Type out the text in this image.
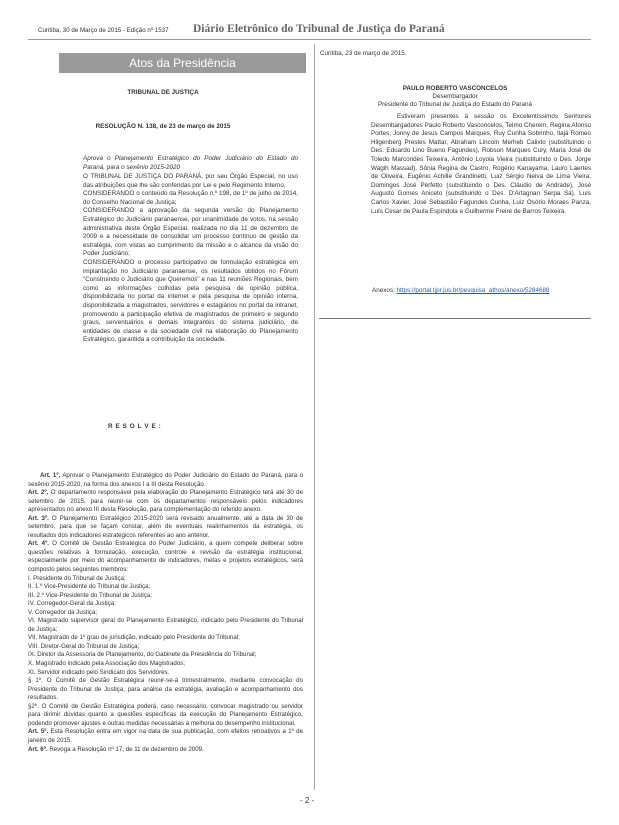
Curitiba, 30 de Março de 2015 - Edição nº 1537 Diário Eletrônico do Tribunal de Justiça do Paraná
Atos da Presidência
TRIBUNAL DE JUSTIÇA
RESOLUÇÃO N. 138, de 23 de março de 2015
Aprova o Planejamento Estratégico do Poder Judiciário do Estado do Paraná, para o sexênio 2015-2020
O TRIBUNAL DE JUSTIÇA DO PARANÁ, por seu Órgão Especial, no uso das atribuições que lhe são conferidas por Lei e pelo Regimento Interno,
CONSIDERANDO o conteúdo da Resolução n.º 198, de 1º de julho de 2014, do Conselho Nacional de Justiça;
CONSIDERANDO a aprovação da segunda versão do Planejamento Estratégico do Judiciário paranaense, por unanimidade de votos, na sessão administrativa deste Órgão Especial, realizada no dia 11 de dezembro de 2009 e a necessidade de consolidar um processo contínuo de gestão da estratégia, com vistas ao cumprimento da missão e o alcance da visão do Poder Judiciário;
CONSIDERANDO o processo participativo de formulação estratégica em implantação no Judiciário paranaense, os resultados obtidos no Fórum "Construindo o Judiciário que Queremos" e nas 11 reuniões Regionais, bem como as informações colhidas pela pesquisa de opinião pública, disponibilizada no portal da internet e pela pesquisa de opinião interna, disponibilizada a magistrados, servidores e estagiários no portal da intranet, promovendo a participação efetiva de magistrados de primeiro e segundo graus, serventuários e demais integrantes do sistema judiciário, de entidades de classe e da sociedade civil na elaboração do Planejamento Estratégico, garantida a contribuição da sociedade.
R E S O L V E :
Art. 1º. Aprovar o Planejamento Estratégico do Poder Judiciário do Estado do Paraná, para o sexênio 2015-2020, na forma dos anexos I a III desta Resolução.
Art. 2º. O departamento responsável pela elaboração do Planejamento Estratégico terá até 30 de setembro de 2015, para reunir-se com os departamentos responsáveis pelos indicadores apresentados no anexo III desta Resolução, para complementação do referido anexo.
Art. 3º. O Planejamento Estratégico 2015-2020 será revisado anualmente, até a data de 30 de setembro, para que se façam constar, além de eventuais realinhamentos da estratégia, os resultados dos indicadores estratégicos referentes ao ano anterior.
Art. 4º. O Comitê de Gestão Estratégica do Poder Judiciário, a quem compete deliberar sobre questões relativas à formulação, execução, controle e revisão da estratégia institucional, especialmente por meio do acompanhamento de indicadores, metas e projetos estratégicos, será composto pelos seguintes membros:
I. Presidente do Tribunal de Justiça;
II. 1.º Vice-Presidente do Tribunal de Justiça;
III. 2.º Vice-Presidente do Tribunal de Justiça;
IV. Corregedor-Geral da Justiça;
V. Corregedor da Justiça;
VI. Magistrado supervisor geral do Planejamento Estratégico, indicado pelo Presidente do Tribunal de Justiça;
VII. Magistrado de 1º grau de jurisdição, indicado pelo Presidente do Tribunal;
VIII. Diretor-Geral do Tribunal de Justiça;
IX. Diretor da Assessoria de Planejamento, do Gabinete da Presidência do Tribunal;
X. Magistrado indicado pela Associação dos Magistrados;
XI. Servidor indicado pelo Sindicato dos Servidores.
§ 1º. O Comitê de Gestão Estratégica reunir-se-á trimestralmente, mediante convocação do Presidente do Tribunal de Justiça, para análise da estratégia, avaliação e acompanhamento dos resultados.
§2º. O Comitê de Gestão Estratégica poderá, caso necessário, convocar magistrado ou servidor para dirimir dúvidas quanto a questões específicas da execução do Planejamento Estratégico, podendo promover ajustes e outras medidas necessárias à melhoria do desempenho institucional.
Art. 5º. Esta Resolução entra em vigor na data de sua publicação, com efeitos retroativos a 1º de janeiro de 2015.
Art. 6º. Revoga a Resolução nº 17, de 11 de dezembro de 2009.
Curitiba, 23 de março de 2015.
PAULO ROBERTO VASCONCELOS
Desembargador
Presidente do Tribunal de Justiça do Estado do Paraná
Estiveram presentes à sessão os Excelentíssimos Senhores Desembargadores Paulo Roberto Vasconcelos, Telmo Cherem, Regina Afonso Portes, Jonny de Jesus Campos Marques, Ruy Cunha Sobrinho, Ilajá Romeo Hilgenberg Prestes Mattar, Abraham Lincoln Merheb Calixto (substituindo o Des. Eduardo Lino Bueno Fagundes), Robson Marques Cury, Maria José de Toledo Marcondes Teixeira, Antônio Loyola Vieira (substituindo o Des. Jorge Wagih Massad), Sônia Regina de Castro, Rogério Kanayama, Lauro Laertes de Oliveira, Eugênio Achille Grandinetti, Luiz Sérgio Neiva de Lima Vieira, Domingos José Perfetto (substituindo o Des. Cláudio de Andrade), José Augusto Gomes Aniceto (substituindo o Des. D'Artagnan Serpa Sá), Luís Carlos Xavier, José Sebastião Fagundes Cunha, Luiz Osório Moraes Panza, Luís Cesar de Paula Espíndola e Guilherme Freire de Barros Teixeira.
Anexos: https://portal.tjpr.jus.br/pesquisa_athos/anexo/5284688
- 2 -
